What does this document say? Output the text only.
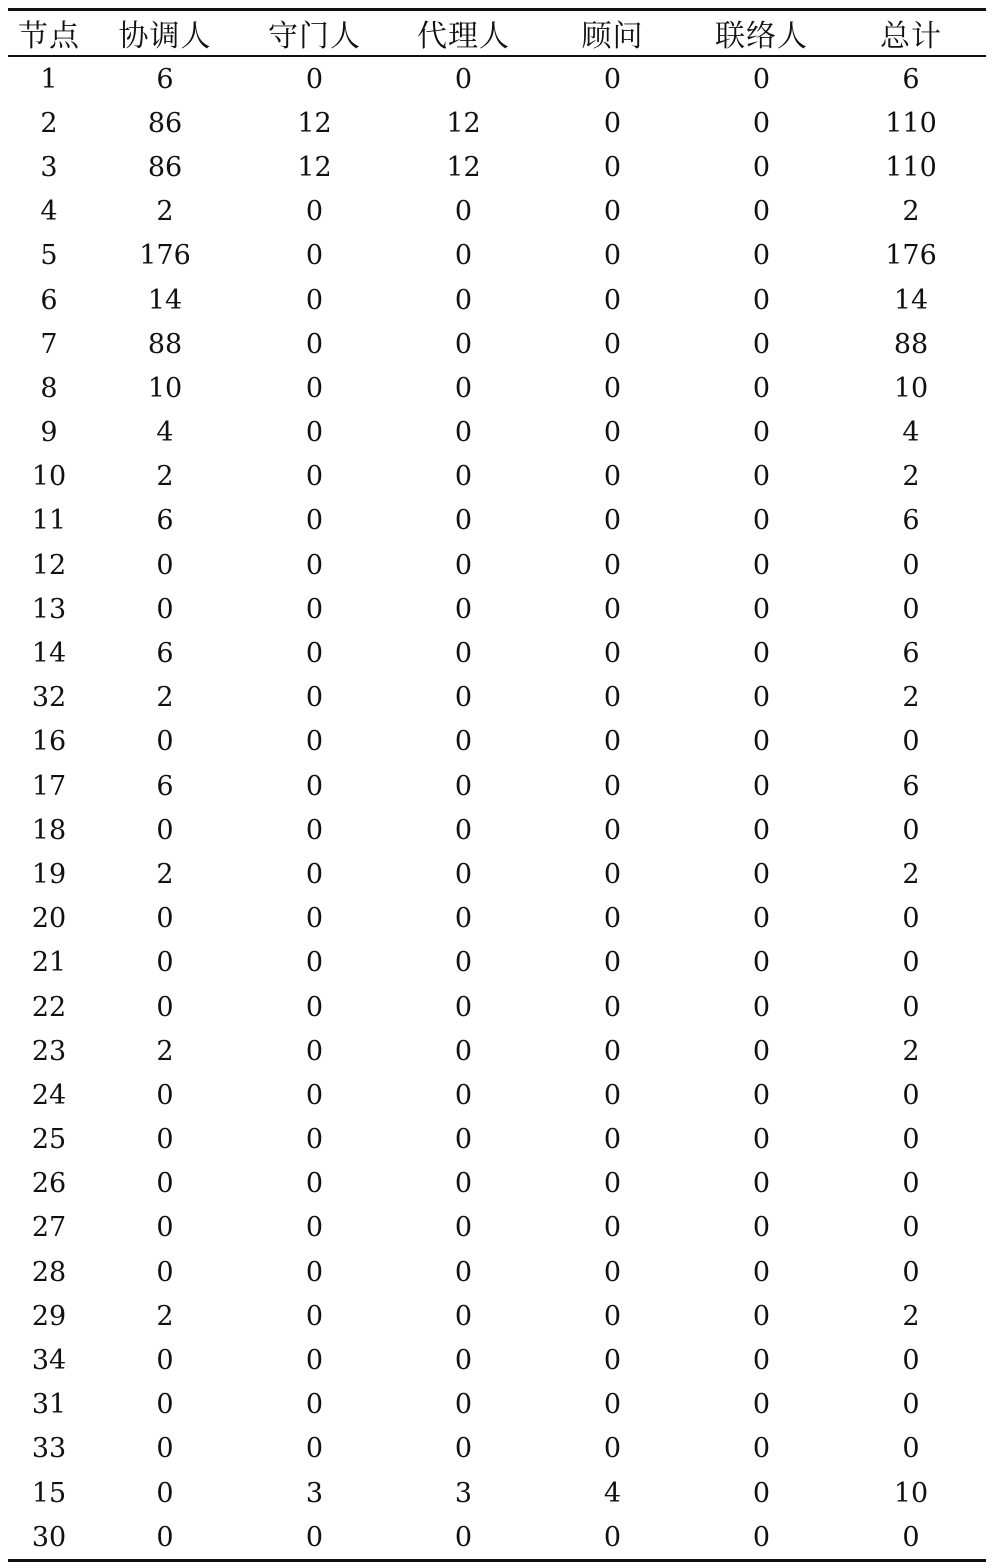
节点	协调人	守门人	代理人	顾问	联络人	总计
1	6	0	0	0	0	6
2	86	12	12	0	0	110
3	86	12	12	0	0	110
4	2	0	0	0	0	2
5	176	0	0	0	0	176
6	14	0	0	0	0	14
7	88	0	0	0	0	88
8	10	0	0	0	0	10
9	4	0	0	0	0	4
10	2	0	0	0	0	2
11	6	0	0	0	0	6
12	0	0	0	0	0	0
13	0	0	0	0	0	0
14	6	0	0	0	0	6
32	2	0	0	0	0	2
16	0	0	0	0	0	0
17	6	0	0	0	0	6
18	0	0	0	0	0	0
19	2	0	0	0	0	2
20	0	0	0	0	0	0
21	0	0	0	0	0	0
22	0	0	0	0	0	0
23	2	0	0	0	0	2
24	0	0	0	0	0	0
25	0	0	0	0	0	0
26	0	0	0	0	0	0
27	0	0	0	0	0	0
28	0	0	0	0	0	0
29	2	0	0	0	0	2
34	0	0	0	0	0	0
31	0	0	0	0	0	0
33	0	0	0	0	0	0
15	0	3	3	4	0	10
30	0	0	0	0	0	0
